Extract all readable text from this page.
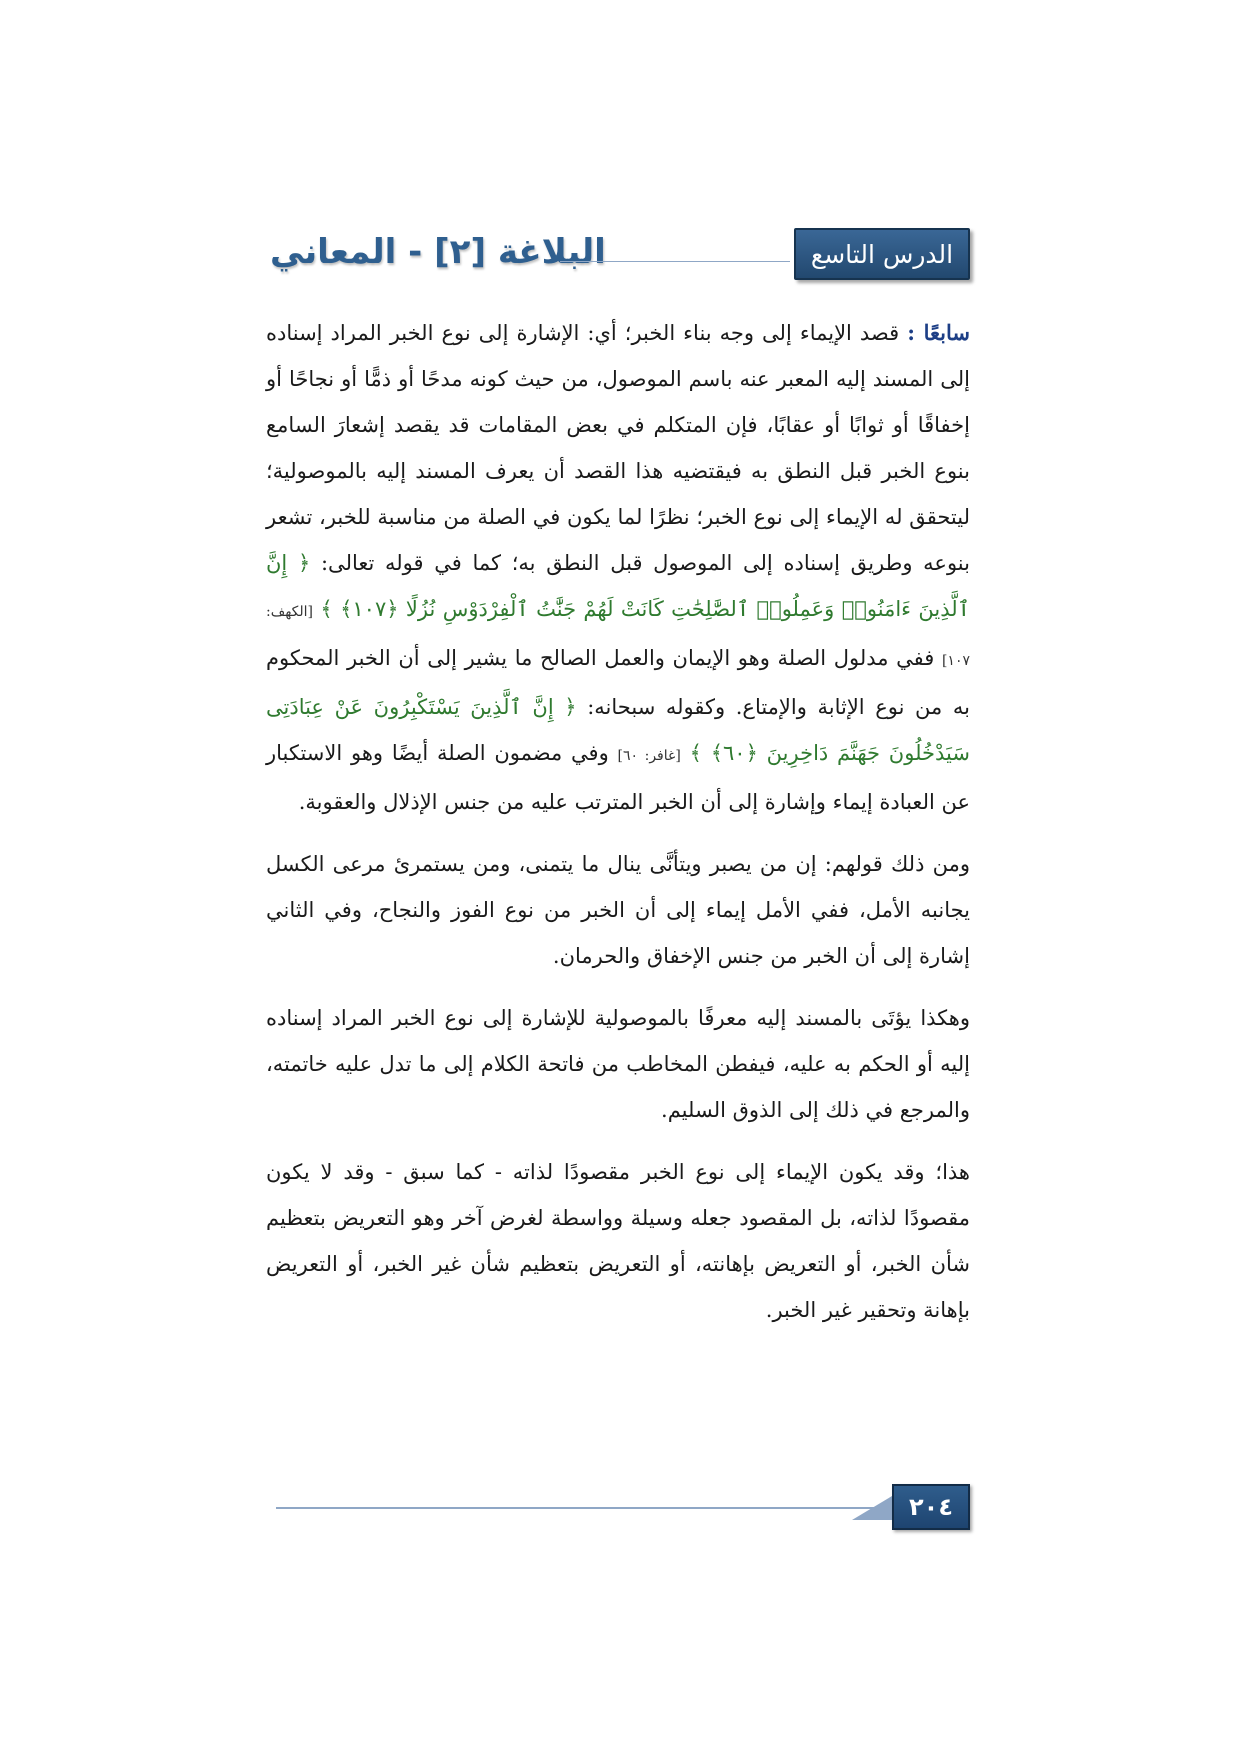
البلاغة [٢] - المعاني	الدرس التاسع

سابعًا : قصد الإيماء إلى وجه بناء الخبر؛ أي: الإشارة إلى نوع الخبر المراد إسناده إلى المسند إليه المعبر عنه باسم الموصول، من حيث كونه مدحًا أو ذمًّا أو نجاحًا أو إخفاقًا أو ثوابًا أو عقابًا، فإن المتكلم في بعض المقامات قد يقصد إشعارَ السامع بنوع الخبر قبل النطق به فيقتضيه هذا القصد أن يعرف المسند إليه بالموصولية؛ ليتحقق له الإيماء إلى نوع الخبر؛ نظرًا لما يكون في الصلة من مناسبة للخبر، تشعر بنوعه وطريق إسناده إلى الموصول قبل النطق به؛ كما في قوله تعالى: ﴿ إِنَّ ٱلَّذِينَ ءَامَنُوا۟ وَعَمِلُوا۟ ٱلصَّٰلِحَٰتِ كَانَتْ لَهُمْ جَنَّٰتُ ٱلْفِرْدَوْسِ نُزُلًا ﴿١٠٧﴾ ﴾ [الكهف: ١٠٧] ففي مدلول الصلة وهو الإيمان والعمل الصالح ما يشير إلى أن الخبر المحكوم به من نوع الإثابة والإمتاع. وكقوله سبحانه: ﴿ إِنَّ ٱلَّذِينَ يَسْتَكْبِرُونَ عَنْ عِبَادَتِى سَيَدْخُلُونَ جَهَنَّمَ دَاخِرِينَ ﴿٦٠﴾ ﴾ [غافر: ٦٠] وفي مضمون الصلة أيضًا وهو الاستكبار عن العبادة إيماء وإشارة إلى أن الخبر المترتب عليه من جنس الإذلال والعقوبة.

ومن ذلك قولهم: إن من يصبر ويتأنَّى ينال ما يتمنى، ومن يستمرئ مرعى الكسل يجانبه الأمل، ففي الأمل إيماء إلى أن الخبر من نوع الفوز والنجاح، وفي الثاني إشارة إلى أن الخبر من جنس الإخفاق والحرمان.

وهكذا يؤتَى بالمسند إليه معرفًا بالموصولية للإشارة إلى نوع الخبر المراد إسناده إليه أو الحكم به عليه، فيفطن المخاطب من فاتحة الكلام إلى ما تدل عليه خاتمته، والمرجع في ذلك إلى الذوق السليم.

هذا؛ وقد يكون الإيماء إلى نوع الخبر مقصودًا لذاته - كما سبق - وقد لا يكون مقصودًا لذاته، بل المقصود جعله وسيلة وواسطة لغرض آخر وهو التعريض بتعظيم شأن الخبر، أو التعريض بإهانته، أو التعريض بتعظيم شأن غير الخبر، أو التعريض بإهانة وتحقير غير الخبر.

٢٠٤
